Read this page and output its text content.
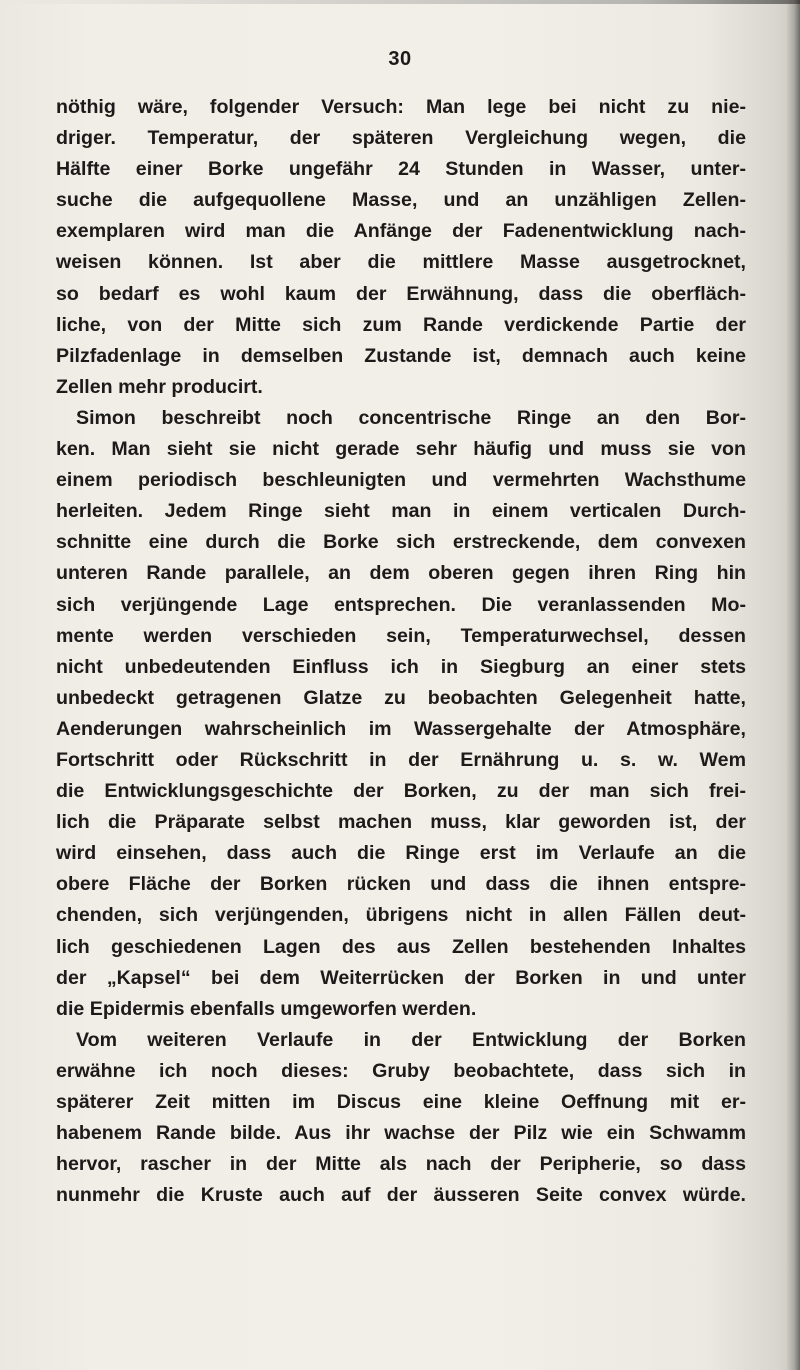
30
nöthig wäre, folgender Versuch: Man lege bei nicht zu nie-
driger. Temperatur, der späteren Vergleichung wegen, die
Hälfte einer Borke ungefähr 24 Stunden in Wasser, unter-
suche die aufgequollene Masse, und an unzähligen Zellen-
exemplaren wird man die Anfänge der Fadenentwicklung nach-
weisen können. Ist aber die mittlere Masse ausgetrocknet,
so bedarf es wohl kaum der Erwähnung, dass die oberfläch-
liche, von der Mitte sich zum Rande verdickende Partie der
Pilzfadenlage in demselben Zustande ist, demnach auch keine
Zellen mehr producirt.
Simon beschreibt noch concentrische Ringe an den Bor-
ken. Man sieht sie nicht gerade sehr häufig und muss sie von
einem periodisch beschleunigten und vermehrten Wachsthume
herleiten. Jedem Ringe sieht man in einem verticalen Durch-
schnitte eine durch die Borke sich erstreckende, dem convexen
unteren Rande parallele, an dem oberen gegen ihren Ring hin
sich verjüngende Lage entsprechen. Die veranlassenden Mo-
mente werden verschieden sein, Temperaturwechsel, dessen
nicht unbedeutenden Einfluss ich in Siegburg an einer stets
unbedeckt getragenen Glatze zu beobachten Gelegenheit hatte,
Aenderungen wahrscheinlich im Wassergehalte der Atmosphäre,
Fortschritt oder Rückschritt in der Ernährung u. s. w. Wem
die Entwicklungsgeschichte der Borken, zu der man sich frei-
lich die Präparate selbst machen muss, klar geworden ist, der
wird einsehen, dass auch die Ringe erst im Verlaufe an die
obere Fläche der Borken rücken und dass die ihnen entspre-
chenden, sich verjüngenden, übrigens nicht in allen Fällen deut-
lich geschiedenen Lagen des aus Zellen bestehenden Inhaltes
der „Kapsel“ bei dem Weiterrücken der Borken in und unter
die Epidermis ebenfalls umgeworfen werden.
Vom weiteren Verlaufe in der Entwicklung der Borken
erwähne ich noch dieses: Gruby beobachtete, dass sich in
späterer Zeit mitten im Discus eine kleine Oeffnung mit er-
habenem Rande bilde. Aus ihr wachse der Pilz wie ein Schwamm
hervor, rascher in der Mitte als nach der Peripherie, so dass
nunmehr die Kruste auch auf der äusseren Seite convex würde.
